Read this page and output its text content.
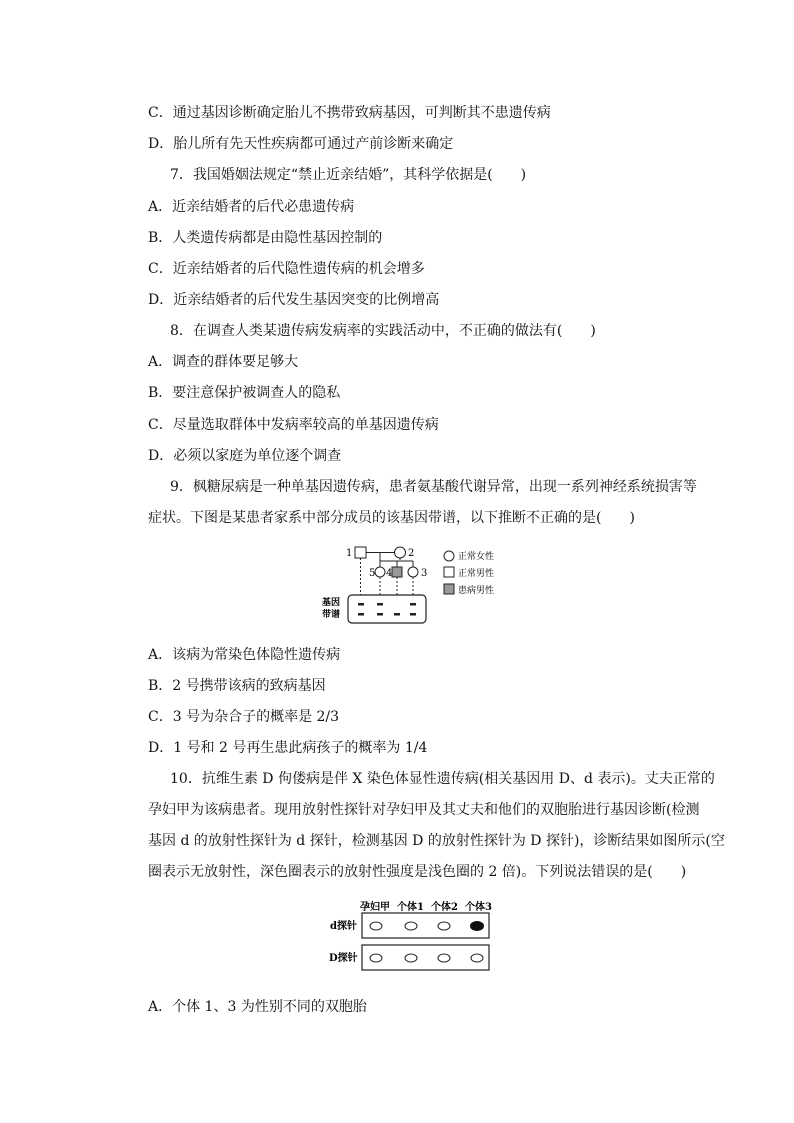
C．通过基因诊断确定胎儿不携带致病基因，可判断其不患遗传病
D．胎儿所有先天性疾病都可通过产前诊断来确定
7．我国婚姻法规定“禁止近亲结婚”，其科学依据是(　　)
A．近亲结婚者的后代必患遗传病
B．人类遗传病都是由隐性基因控制的
C．近亲结婚者的后代隐性遗传病的机会增多
D．近亲结婚者的后代发生基因突变的比例增高
8．在调查人类某遗传病发病率的实践活动中，不正确的做法有(　　)
A．调查的群体要足够大
B．要注意保护被调查人的隐私
C．尽量选取群体中发病率较高的单基因遗传病
D．必须以家庭为单位逐个调查
9．枫糖尿病是一种单基因遗传病，患者氨基酸代谢异常，出现一系列神经系统损害等
症状。下图是某患者家系中部分成员的该基因带谱，以下推断不正确的是(　　)
1	2
5 4	3
基因
带谱
正常女性
正常男性
患病男性
A．该病为常染色体隐性遗传病
B．2 号携带该病的致病基因
C．3 号为杂合子的概率是 2/3
D．1 号和 2 号再生患此病孩子的概率为 1/4
10．抗维生素 D 佝偻病是伴 X 染色体显性遗传病(相关基因用 D、d 表示)。丈夫正常的
孕妇甲为该病患者。现用放射性探针对孕妇甲及其丈夫和他们的双胞胎进行基因诊断(检测
基因 d 的放射性探针为 d 探针，检测基因 D 的放射性探针为 D 探针)，诊断结果如图所示(空
圈表示无放射性，深色圈表示的放射性强度是浅色圈的 2 倍)。下列说法错误的是(　　)
孕妇甲 个体1 个体2 个体3
d探针
D探针
A．个体 1、3 为性别不同的双胞胎
